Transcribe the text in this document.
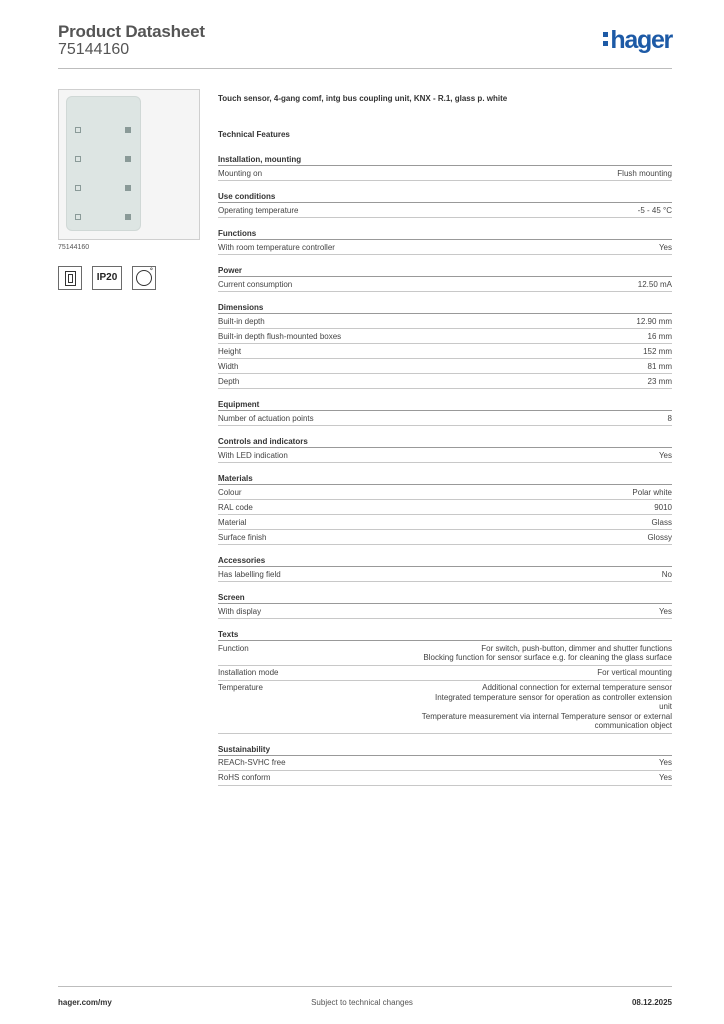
Product Datasheet
75144160	hager
75144160
IP20
°
Touch sensor, 4-gang comf, intg bus coupling unit, KNX - R.1, glass p. white
Technical Features
Installation, mounting
Mounting on	Flush mounting
Use conditions
Operating temperature	-5 - 45 °C
Functions
With room temperature controller	Yes
Power
Current consumption	12.50 mA
Dimensions
Built-in depth	12.90 mm
Built-in depth flush-mounted boxes	16 mm
Height	152 mm
Width	81 mm
Depth	23 mm
Equipment
Number of actuation points	8
Controls and indicators
With LED indication	Yes
Materials
Colour	Polar white
RAL code	9010
Material	Glass
Surface finish	Glossy
Accessories
Has labelling field	No
Screen
With display	Yes
Texts
Function	For switch, push-button, dimmer and shutter functions
Blocking function for sensor surface e.g. for cleaning the glass surface
Installation mode	For vertical mounting
Temperature	Additional connection for external temperature sensor
Integrated temperature sensor for operation as controller extension
unit
Temperature measurement via internal Temperature sensor or external
communication object
Sustainability
REACh-SVHC free	Yes
RoHS conform	Yes
hager.com/my	Subject to technical changes	08.12.2025
